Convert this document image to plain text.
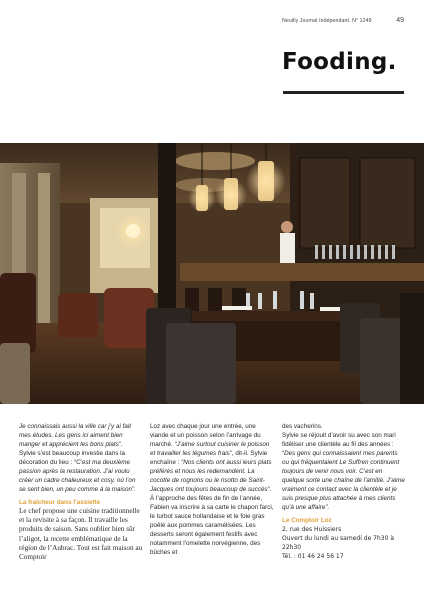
Neuilly Journal Indépendant. N° 1249	49
Fooding.

Je connaissais aussi la ville car j’y ai fait mes études. Les gens ici aiment bien manger et apprécient les bons plats”.

Sylvie s’est beaucoup investie dans la décoration du lieu : “C’est ma deuxième passion après la restauration. J’ai voulu créer un cadre chaleureux et cosy, où l’on se sent bien, un peu comme à la maison”.

La fraîcheur dans l’assiette

Le chef propose une cuisine traditionnelle et la revisite à sa façon. Il travaille les produits de saison. Sans oublier bien sûr l’aligot, la recette emblématique de la région de l’Aubrac. Tout est fait maison au Comptoir

Loz avec chaque jour une entrée, une viande et un poisson selon l’arrivage du marché. “J’aime surtout cuisiner le poisson et travailler les légumes frais”, dit-il. Sylvie enchaîne : “Nos clients ont aussi leurs plats préférés et nous les redemandent. La cocotte de rognons ou le risotto de Saint-Jacques ont toujours beaucoup de succès”.

À l’approche des fêtes de fin de l’année, Fabien va inscrire à sa carte le chapon farci, le turbot sauce hollandaise et le foie gras poêlé aux pommes caramélisées. Les desserts seront également festifs avec notamment l’omelette norvégienne, des bûches et

des vacherins.

Sylvie se réjouit d’avoir su avec son mari fidéliser une clientèle au fil des années : “Des gens qui connaissaient mes parents ou qui fréquentaient Le Suffren continuent toujours de venir nous voir. C’est en quelque sorte une chaîne de l’amitié. J’aime vraiment ce contact avec la clientèle et je suis presque plus attachée à mes clients qu’à une affaire”.

Le Comptoir Loz

2, rue des Huissiers

Ouvert du lundi au samedi de 7h30 à 22h30

Tél. : 01 46 24 56 17
